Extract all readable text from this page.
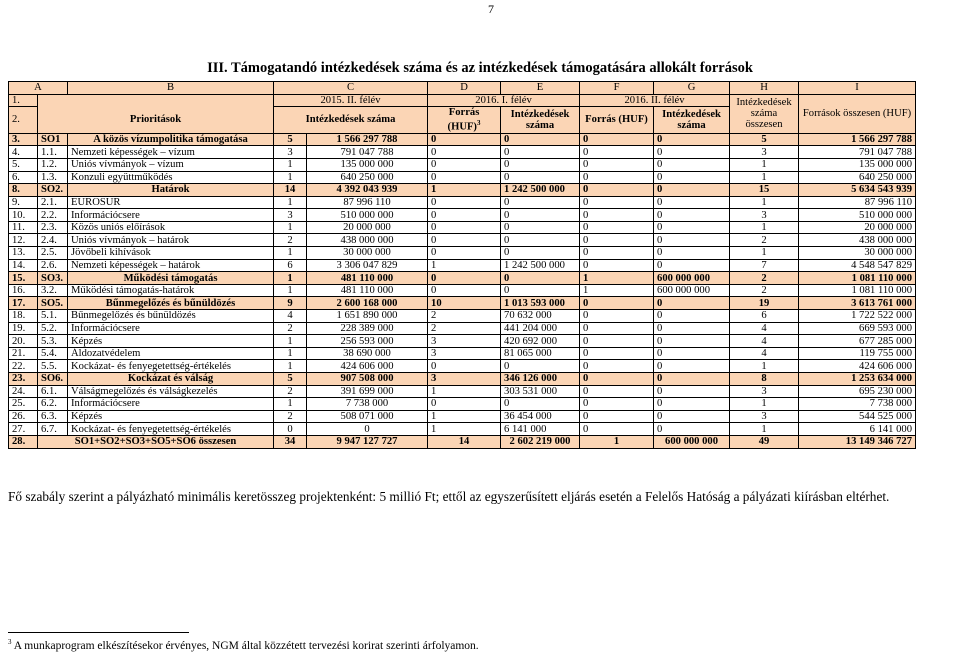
7
III. Támogatandó intézkedések száma és az intézkedések támogatására allokált források
A		B	C		D	E	F	G	H	I	
1.			2015. II. félév		2016. I. félév		2016. II. félév		Intézkedések száma összesen	Források összesen (HUF)	
2.	Prioritások		Intézkedések száma		Forrás (HUF)$^3$	Intézkedések száma	Forrás (HUF)	Intézkedések száma	
3.	SO1	A közös vízumpolitika támogatása	5	1 566 297 788	0	0	0	0	5	1 566 297 788	
4.	1.1.	Nemzeti képességek – vízum	3	791 047 788	0	0	0	0	3	791 047 788	
5.	1.2.	Uniós vívmányok – vízum	1	135 000 000	0	0	0	0	1	135 000 000	
6.	1.3.	Konzuli együttműködés	1	640 250 000	0	0	0	0	1	640 250 000	
8.	SO2.	Határok	14	4 392 043 939	1	1 242 500 000	0	0	15	5 634 543 939	
9.	2.1.	EUROSUR	1	87 996 110	0	0	0	0	1	87 996 110	
10.	2.2.	Információcsere	3	510 000 000	0	0	0	0	3	510 000 000	
11.	2.3.	Közös uniós előírások	1	20 000 000	0	0	0	0	1	20 000 000	
12.	2.4.	Uniós vívmányok – határok	2	438 000 000	0	0	0	0	2	438 000 000	
13.	2.5.	Jövőbeli kihívások	1	30 000 000	0	0	0	0	1	30 000 000	
14.	2.6.	Nemzeti képességek – határok	6	3 306 047 829	1	1 242 500 000	0	0	7	4 548 547 829	
15.	SO3.	Működési támogatás	1	481 110 000	0	0	1	600 000 000	2	1 081 110 000	
16.	3.2.	Működési támogatás-határok	1	481 110 000	0	0	1	600 000 000	2	1 081 110 000	
17.	SO5.	Bűnmegelőzés és bűnüldözés	9	2 600 168 000	10	1 013 593 000	0	0	19	3 613 761 000	
18.	5.1.	Bűnmegelőzés és bűnüldözés	4	1 651 890 000	2	70 632 000	0	0	6	1 722 522 000	
19.	5.2.	Információcsere	2	228 389 000	2	441 204 000	0	0	4	669 593 000	
20.	5.3.	Képzés	1	256 593 000	3	420 692 000	0	0	4	677 285 000	
21.	5.4.	Áldozatvédelem	1	38 690 000	3	81 065 000	0	0	4	119 755 000	
22.	5.5.	Kockázat- és fenyegetettség-értékelés	1	424 606 000	0	0	0	0	1	424 606 000	
23.	SO6.	Kockázat és válság	5	907 508 000	3	346 126 000	0	0	8	1 253 634 000	
24.	6.1.	Válságmegelőzés és válságkezelés	2	391 699 000	1	303 531 000	0	0	3	695 230 000	
25.	6.2.	Információcsere	1	7 738 000	0	0	0	0	1	7 738 000	
26.	6.3.	Képzés	2	508 071 000	1	36 454 000	0	0	3	544 525 000	
27.	6.7.	Kockázat- és fenyegetettség-értékelés	0	0	1	6 141 000	0	0	1	6 141 000	
28.	SO1+SO2+SO3+SO5+SO6 összesen		34	9 947 127 727	14	2 602 219 000	1	600 000 000	49	13 149 346 727	
Fő szabály szerint a pályázható minimális keretösszeg projektenként: 5 millió Ft; ettől az egyszerűsített eljárás esetén a Felelős Hatóság a pályázati kiírásban eltérhet.
$^3$ A munkaprogram elkészítésekor érvényes, NGM által közzétett tervezési korirat szerinti árfolyamon.
